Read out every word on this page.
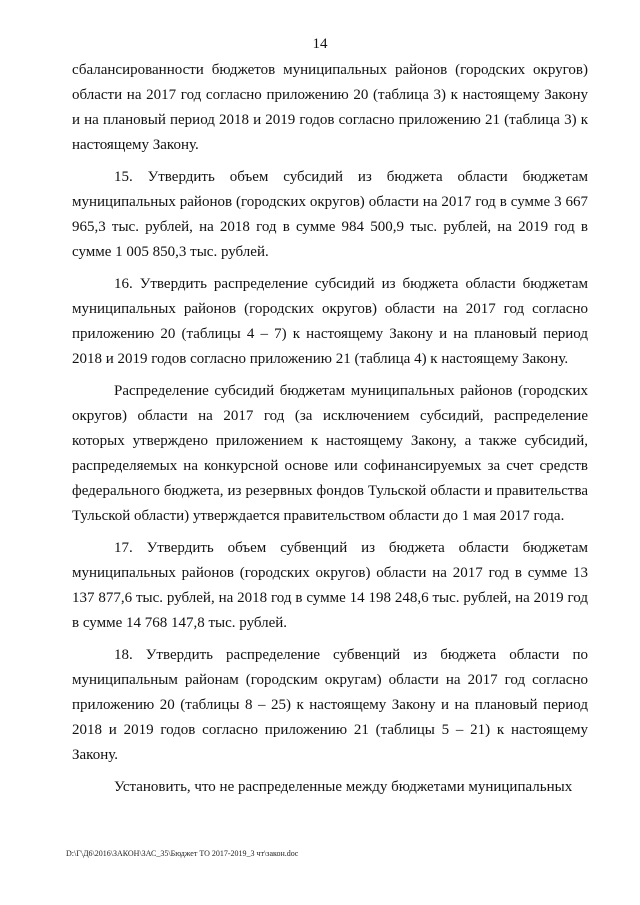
14

сбалансированности бюджетов муниципальных районов (городских округов) области на 2017 год согласно приложению 20 (таблица 3) к настоящему Закону и на плановый период 2018 и 2019 годов согласно приложению 21 (таблица 3) к настоящему Закону.

15. Утвердить объем субсидий из бюджета области бюджетам муниципальных районов (городских округов) области на 2017 год в сумме 3 667 965,3 тыс. рублей, на 2018 год в сумме 984 500,9 тыс. рублей, на 2019 год в сумме 1 005 850,3 тыс. рублей.

16. Утвердить распределение субсидий из бюджета области бюджетам муниципальных районов (городских округов) области на 2017 год согласно приложению 20 (таблицы 4 – 7) к настоящему Закону и на плановый период 2018 и 2019 годов согласно приложению 21 (таблица 4) к настоящему Закону.

Распределение субсидий бюджетам муниципальных районов (городских округов) области на 2017 год (за исключением субсидий, распределение которых утверждено приложением к настоящему Закону, а также субсидий, распределяемых на конкурсной основе или софинансируемых за счет средств федерального бюджета, из резервных фондов Тульской области и правительства Тульской области) утверждается правительством области до 1 мая 2017 года.

17. Утвердить объем субвенций из бюджета области бюджетам муниципальных районов (городских округов) области на 2017 год в сумме 13 137 877,6 тыс. рублей, на 2018 год в сумме 14 198 248,6 тыс. рублей, на 2019 год в сумме 14 768 147,8 тыс. рублей.

18. Утвердить распределение субвенций из бюджета области по муниципальным районам (городским округам) области на 2017 год согласно приложению 20 (таблицы 8 – 25) к настоящему Закону и на плановый период 2018 и 2019 годов согласно приложению 21 (таблицы 5 – 21) к настоящему Закону.

Установить, что не распределенные между бюджетами муниципальных

D:\Г\Д6\2016\ЗАКОН\ЗАС_35\Бюджет ТО 2017-2019_3 чт\закон.doc
